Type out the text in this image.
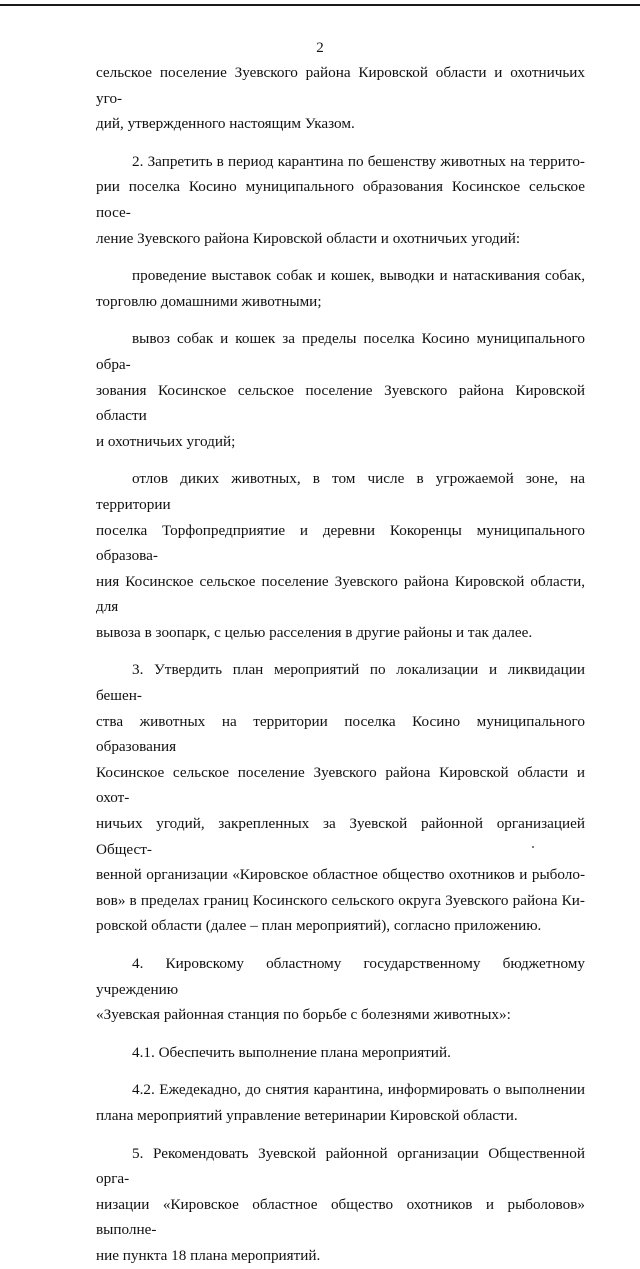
2

сельское поселение Зуевского района Кировской области и охотничьих уго-

дий, утвержденного настоящим Указом.

2. Запретить в период карантина по бешенству животных на террито-

рии поселка Косино муниципального образования Косинское сельское посе-

ление Зуевского района Кировской области и охотничьих угодий:

проведение выставок собак и кошек, выводки и натаскивания собак,

торговлю домашними животными;

вывоз собак и кошек за пределы поселка Косино муниципального обра-

зования Косинское сельское поселение Зуевского района Кировской области

и охотничьих угодий;

отлов диких животных, в том числе в угрожаемой зоне, на территории

поселка Торфопредприятие и деревни Кокоренцы муниципального образова-

ния Косинское сельское поселение Зуевского района Кировской области, для

вывоза в зоопарк, с целью расселения в другие районы и так далее.

3. Утвердить план мероприятий по локализации и ликвидации бешен-

ства животных на территории поселка Косино муниципального образования

Косинское сельское поселение Зуевского района Кировской области и охот-

ничьих угодий, закрепленных за Зуевской районной организацией Общест-

венной организации «Кировское областное общество охотников и рыболо-

вов» в пределах границ Косинского сельского округа Зуевского района Ки-

ровской области (далее – план мероприятий), согласно приложению.

4. Кировскому областному государственному бюджетному учреждению

«Зуевская районная станция по борьбе с болезнями животных»:

4.1. Обеспечить выполнение плана мероприятий.

4.2. Ежедекадно, до снятия карантина, информировать о выполнении

плана мероприятий управление ветеринарии Кировской области.

5. Рекомендовать Зуевской районной организации Общественной орга-

низации «Кировское областное общество охотников и рыболовов» выполне-

ние пункта 18 плана мероприятий.
